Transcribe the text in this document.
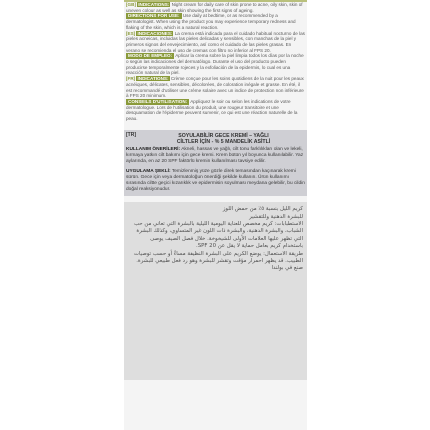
[GB] INDICATIONS: Night cream for daily care of skin prone to acne, oily skin, skin of uneven colour as well as skin showing the first signs of ageing.

DIRECTIONS FOR USE: Use daily at bedtime, or as recommended by a dermatologist. When using the product you may experience temporary redness and flaking of the skin, which is a natural reaction.

[ES] INDICACIONES: La crema está indicada para el cuidado habitual nocturno de las pieles acneicas, incluidas las pieles delicadas y sensibles, con manchas de la piel y primeros signos del envejecimiento, así como el cuidado de las pieles grasas. En verano se recomienda el uso de cremas con filtro no inferior al FPS 20.

MODO DE EMPLEO: Aplicar la crema sobre la piel limpia todos los días por la noche o según las indicaciones del dermatólogo. Durante el uso del producto pueden producirse temporalmente rojeces y la exfoliación de la epidermis, lo cual es una reacción natural de la piel.

[FR] INDICATIONS: Crème conçue pour les soins quotidiens de la nuit pour les peaux acnéiques, délicates, sensibles, décolorées, de coloration inégale et grasse. En été, il est recommandé d'utiliser une crème solaire avec un indice de protection non inférieure à FPS 20 minimum.

CONSEILS D'UTILISATION: Appliquez le soir ou selon les indications de votre dermatologue. Lors de l'utilisation du produit, une rougeur transitoire et une desquamation de l'épiderme peuvent survenir, ce qui est une réaction naturelle de la peau.

[TR]	SOYULABİLİR GECE KREMİ – YAĞLI
CİLTLER İÇİN - % 5 MANDELİK ASİTLİ

KULLANIM ÖNERİLERİ: Akneli, hassas ve yağlı, cilt tonu farklılıkları olan ve lekeli, kırmaya yatkın cilt bakımı için gece kremi. Krem bütün yıl boyunca kullanılabilir. Yaz aylarında, en az 20 SPF faktörlü kremin kullanılması tavsiye edilir.

UYGULAMA ŞEKLİ: Temizlenmiş yüze gözle direk temasından kaçınarak kremi sürün. Gece için veya dermatoloğun önerdiği şekilde kullanın. Ürün kullanımı sırasında ciltte geçici kızarıklık ve epidermisin soyulması meydana gelebilir, bu cildin doğal reaksiyonudur.

كريم الليل بنسبة ٥٪ من حمض اللوز

للبشرة الدهنية وللتقشير

الاستطبابات: كريم مخصص للعناية اليومية الليلية بالبشرة التي تعاني من حب الشباب، والبشرة الدهنية، والبشرة ذات اللون غير المتساوي، وكذلك البشرة التي تظهر عليها العلامات الأولى للشيخوخة. خلال فصل الصيف يوصى باستخدام كريم بعامل حماية لا يقل عن SPF 20.

طريقة الاستعمال: يوضع الكريم على البشرة النظيفة مساءً أو حسب توصيات الطبيب. قد يظهر احمرار مؤقت وتقشر للبشرة وهو رد فعل طبيعي للبشرة.

صنع في بولندا
